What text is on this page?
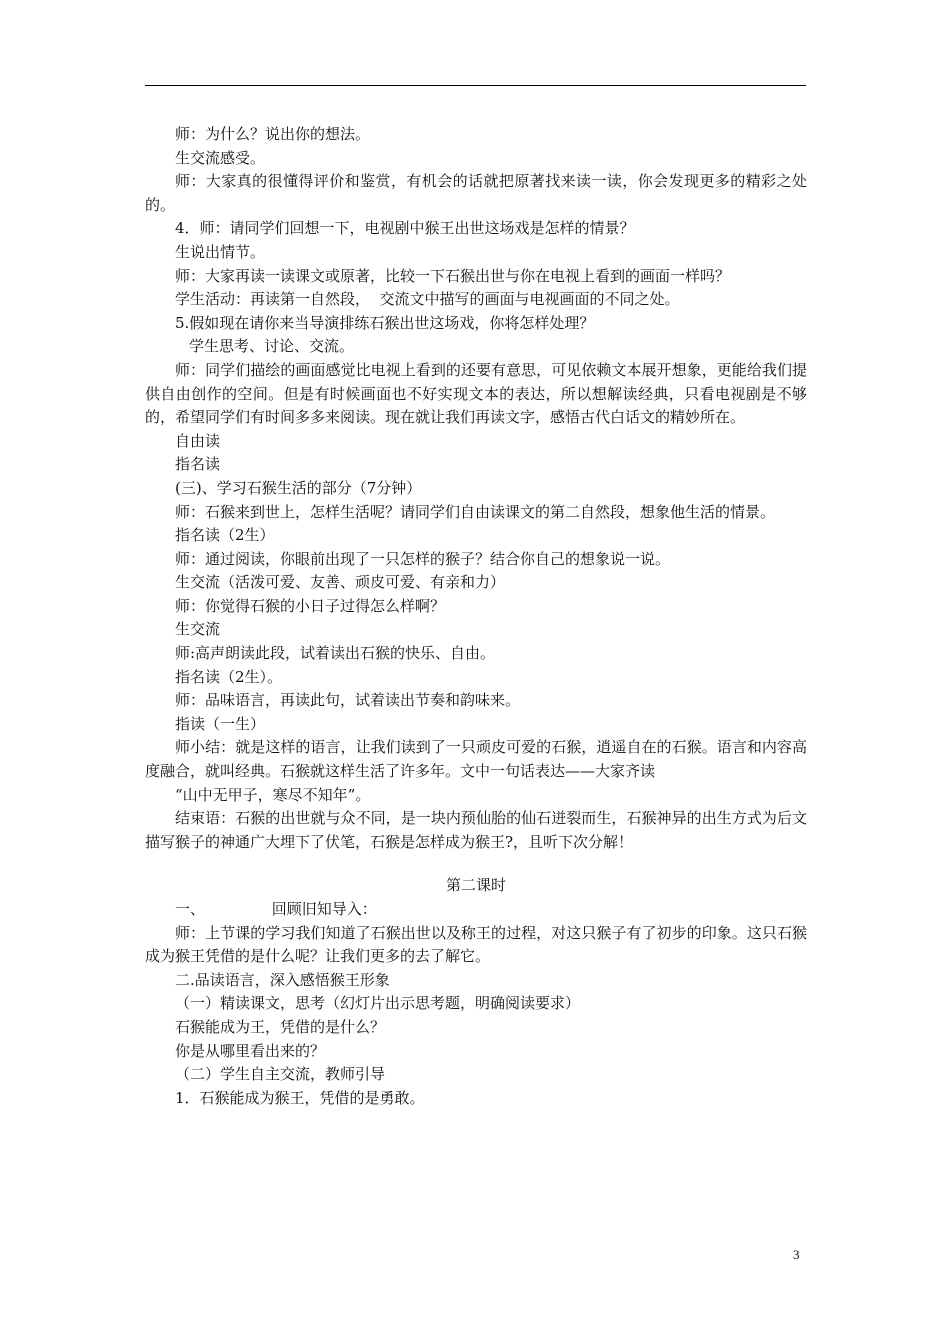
师：为什么？说出你的想法。

生交流感受。

师：大家真的很懂得评价和鉴赏，有机会的话就把原著找来读一读，你会发现更多的精彩之处的。

4．师：请同学们回想一下，电视剧中猴王出世这场戏是怎样的情景？

生说出情节。

师：大家再读一读课文或原著，比较一下石猴出世与你在电视上看到的画面一样吗？

学生活动：再读第一自然段，  交流文中描写的画面与电视画面的不同之处。

5.假如现在请你来当导演排练石猴出世这场戏，你将怎样处理？

学生思考、讨论、交流。

师：同学们描绘的画面感觉比电视上看到的还要有意思，可见依赖文本展开想象，更能给我们提供自由创作的空间。但是有时候画面也不好实现文本的表达，所以想解读经典，只看电视剧是不够的，希望同学们有时间多多来阅读。现在就让我们再读文字，感悟古代白话文的精妙所在。

自由读

指名读

(三)、学习石猴生活的部分（7分钟）

师：石猴来到世上，怎样生活呢？请同学们自由读课文的第二自然段，想象他生活的情景。

指名读（2生）

师：通过阅读，你眼前出现了一只怎样的猴子？结合你自己的想象说一说。

生交流（活泼可爱、友善、顽皮可爱、有亲和力）

师：你觉得石猴的小日子过得怎么样啊？

生交流

师:高声朗读此段，试着读出石猴的快乐、自由。

指名读（2生）。

师：品味语言，再读此句，试着读出节奏和韵味来。

指读（一生）

师小结：就是这样的语言，让我们读到了一只顽皮可爱的石猴，逍遥自在的石猴。语言和内容高度融合，就叫经典。石猴就这样生活了许多年。文中一句话表达——大家齐读

“山中无甲子，寒尽不知年”。

结束语：石猴的出世就与众不同，是一块内预仙胎的仙石迸裂而生，石猴神异的出生方式为后文描写猴子的神通广大埋下了伏笔，石猴是怎样成为猴王?，且听下次分解！

第二课时

一、              回顾旧知导入：

师：上节课的学习我们知道了石猴出世以及称王的过程，对这只猴子有了初步的印象。这只石猴成为猴王凭借的是什么呢？让我们更多的去了解它。

二.品读语言，深入感悟猴王形象

（一）精读课文，思考（幻灯片出示思考题，明确阅读要求）

石猴能成为王，凭借的是什么？

你是从哪里看出来的？

（二）学生自主交流，教师引导

1．石猴能成为猴王，凭借的是勇敢。

3
